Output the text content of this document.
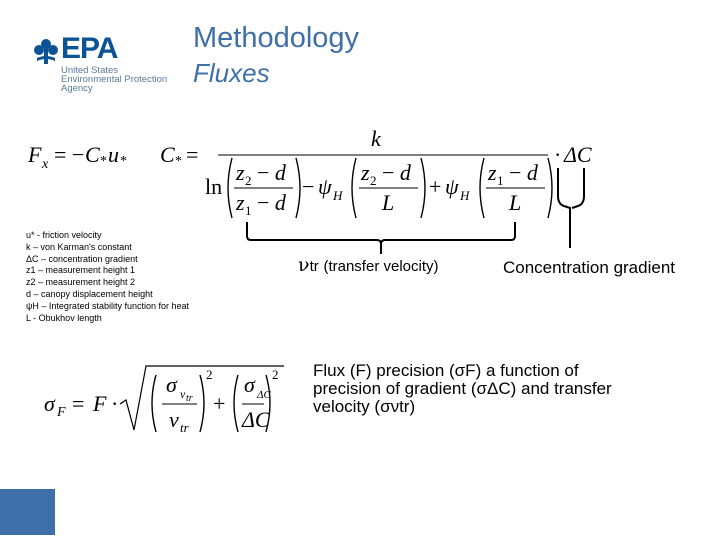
EPA
United States
Environmental Protection
Agency
Methodology
Fluxes
F x = − C * u * C * =
k
· ΔC
ln
z 2 − d
z 1 − d
− ψ H
z 2 − d
L
+ ψ H
z 1 − d
L
σ F = F ·
σ v tr
v tr
2
+
σ ΔC
ΔC
2
u* - friction velocity
k – von Karman's constant
ΔC – concentration gradient
z1 – measurement height 1
z2 – measurement height 2
d – canopy displacement height
ψH – Integrated stability function for heat
L - Obukhov length
νtr (transfer velocity)	Concentration gradient
Flux (F) precision (σF) a function of
precision of gradient (σΔC) and transfer
velocity (σνtr)
